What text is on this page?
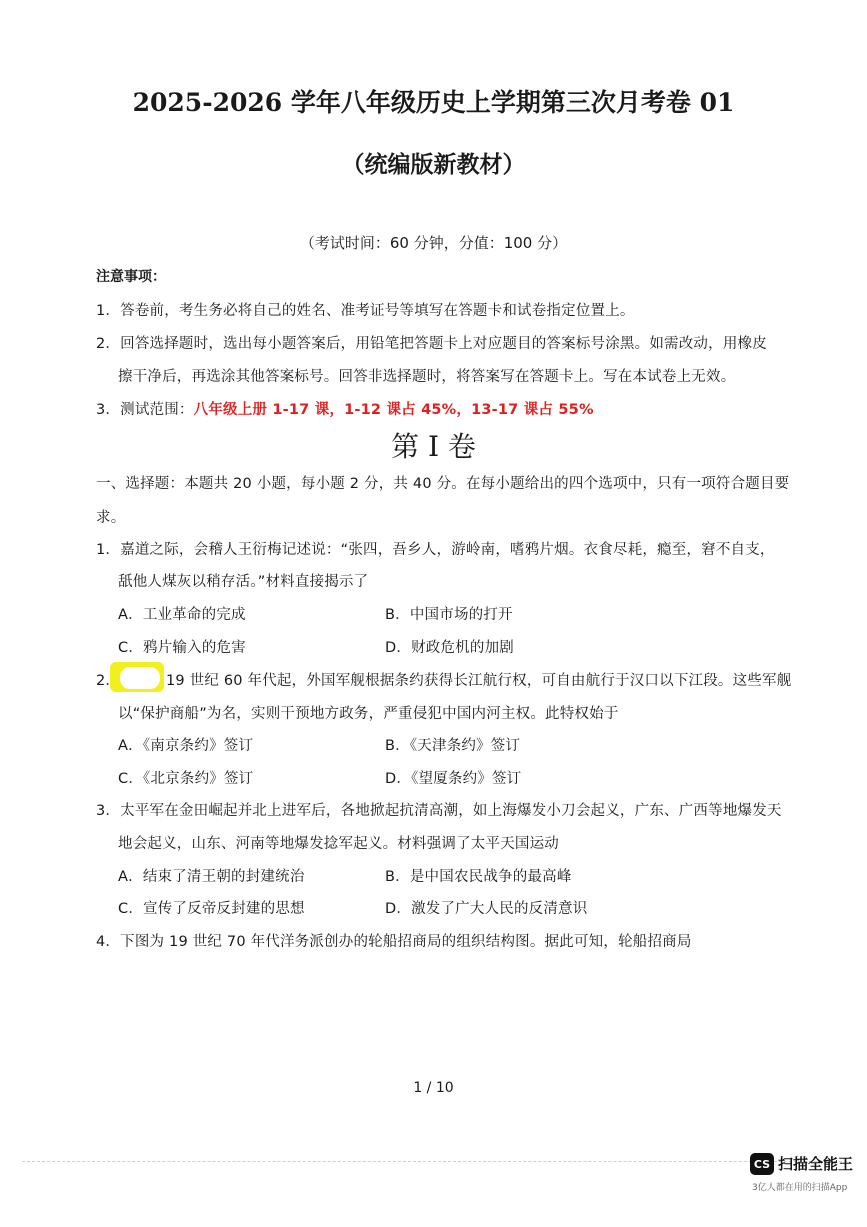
2025-2026 学年八年级历史上学期第三次月考卷 01
（统编版新教材）
（考试时间：60 分钟，分值：100 分）
注意事项：
1．答卷前，考生务必将自己的姓名、准考证号等填写在答题卡和试卷指定位置上。
2．回答选择题时，选出每小题答案后，用铅笔把答题卡上对应题目的答案标号涂黑。如需改动，用橡皮
擦干净后，再选涂其他答案标号。回答非选择题时，将答案写在答题卡上。写在本试卷上无效。
3．测试范围：八年级上册 1-17 课，1-12 课占 45%，13-17 课占 55%
第 I 卷
一、选择题：本题共 20 小题，每小题 2 分，共 40 分。在每小题给出的四个选项中，只有一项符合题目要
求。
1．嘉道之际，会稽人王衍梅记述说：“张四，吾乡人，游岭南，嗜鸦片烟。衣食尽耗，瘾至，窘不自支，
舐他人煤灰以稍存活。”材料直接揭示了
A．工业革命的完成	B．中国市场的打开
C．鸦片输入的危害	D．财政危机的加剧
2．	19 世纪 60 年代起，外国军舰根据条约获得长江航行权，可自由航行于汉口以下江段。这些军舰
以“保护商船”为名，实则干预地方政务，严重侵犯中国内河主权。此特权始于
A．《南京条约》签订	B．《天津条约》签订
C．《北京条约》签订	D．《望厦条约》签订
3．太平军在金田崛起并北上进军后，各地掀起抗清高潮，如上海爆发小刀会起义，广东、广西等地爆发天
地会起义，山东、河南等地爆发捻军起义。材料强调了太平天国运动
A．结束了清王朝的封建统治	B．是中国农民战争的最高峰
C．宣传了反帝反封建的思想	D．激发了广大人民的反清意识
4．下图为 19 世纪 70 年代洋务派创办的轮船招商局的组织结构图。据此可知，轮船招商局
1 / 10
CS 扫描全能王
3亿人都在用的扫描App
